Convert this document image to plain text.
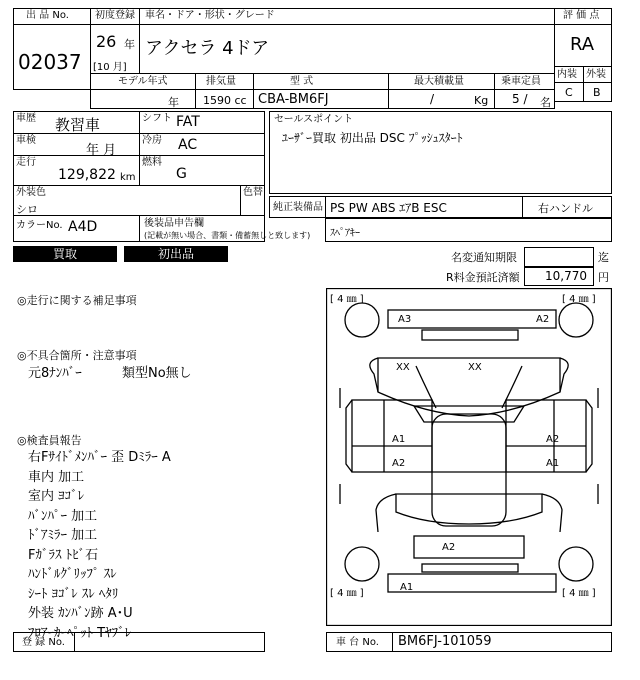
出 品 No.
02037
初度登録
26 年
[10 月]
車名・ドア・形状・グレード
アクセラ 4ドア
評 価 点
RA
モデル年式
年
排気量
1590 cc
型 式
CBA-BM6FJ
最大積載量
/	Kg
乗車定員
5 / 名
内装 外装
C B
車歴 教習車	シフト FAT
車検
年 月
冷房 AC
走行
129,822 km
燃料
G
外装色
シロ
色替
カラーNo. A4D	後装品申告欄
(記載が無い場合、書類・備蓄無しと致します)
セールスポイント
ﾕｰｻﾞｰ買取 初出品 DSC ﾌﾟｯｼｭｽﾀｰﾄ
純正装備品 PS PW ABS ｴｱB ESC	右ハンドル
ｽﾍﾟｱｷｰ
買取	初出品	名変通知期限	迄
R料金預託済額 10,770 円
◎走行に関する補足事項
◎不具合箇所・注意事項
元8ﾅﾝﾊﾞｰ	類型No無し
◎検査員報告
右Fｻｲﾄﾞﾒﾝﾊﾞｰ 歪 Dﾐﾗｰ A
車内 加工
室内 ﾖｺﾞﾚ
ﾊﾞﾝﾊﾟｰ 加工
ﾄﾞｱﾐﾗｰ 加工
Fｶﾞﾗｽ ﾄﾋﾞ石
ﾊﾝﾄﾞﾙｸﾞﾘｯﾌﾟ ｽﾚ
ｼｰﾄ ﾖｺﾞﾚ ｽﾚ ﾍﾀﾘ
外装 ｶﾝﾊﾞﾝ跡 A･U
ﾌﾛｱｰｶｰﾍﾟｯﾄ Tﾔﾌﾞﾚ
[ 4 ㎜ ]	[ 4 ㎜ ]
[ 4 ㎜ ]	[ 4 ㎜ ]
A3	A2
XX	XX
A1
A2
A2
A1
A2
A1
登 録 No.	車 台 No. BM6FJ-101059
